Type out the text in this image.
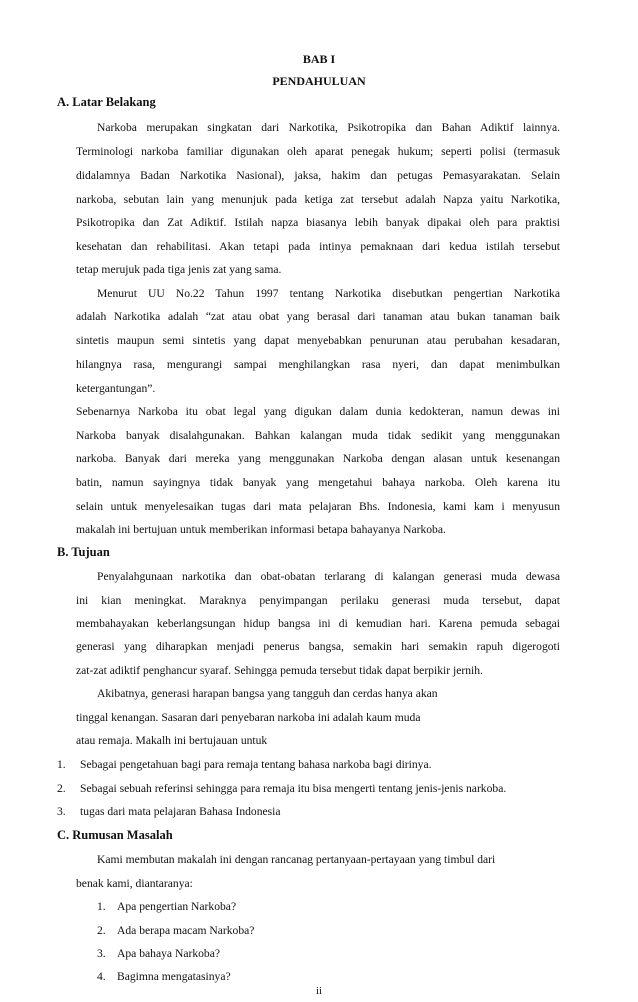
BAB I
PENDAHULUAN
A. Latar Belakang
Narkoba merupakan singkatan dari Narkotika, Psikotropika dan Bahan Adiktif lainnya.
Terminologi narkoba familiar digunakan oleh aparat penegak hukum; seperti polisi (termasuk
didalamnya Badan Narkotika Nasional), jaksa, hakim dan petugas Pemasyarakatan. Selain
narkoba, sebutan lain yang menunjuk pada ketiga zat tersebut adalah Napza yaitu Narkotika,
Psikotropika dan Zat Adiktif. Istilah napza biasanya lebih banyak dipakai oleh para praktisi
kesehatan dan rehabilitasi. Akan tetapi pada intinya pemaknaan dari kedua istilah tersebut
tetap merujuk pada tiga jenis zat yang sama.
Menurut UU No.22 Tahun 1997 tentang Narkotika disebutkan pengertian Narkotika
adalah Narkotika adalah “zat atau obat yang berasal dari tanaman atau bukan tanaman baik
sintetis maupun semi sintetis yang dapat menyebabkan penurunan atau perubahan kesadaran,
hilangnya rasa, mengurangi sampai menghilangkan rasa nyeri, dan dapat menimbulkan
ketergantungan”.
Sebenarnya Narkoba itu obat legal yang digukan dalam dunia kedokteran, namun dewas ini
Narkoba banyak disalahgunakan. Bahkan kalangan muda tidak sedikit yang menggunakan
narkoba. Banyak dari mereka yang menggunakan Narkoba dengan alasan untuk kesenangan
batin, namun sayingnya tidak banyak yang mengetahui bahaya narkoba. Oleh karena itu
selain untuk menyelesaikan tugas dari mata pelajaran Bhs. Indonesia, kami kam i menyusun
makalah ini bertujuan untuk memberikan informasi betapa bahayanya Narkoba.
B. Tujuan
Penyalahgunaan narkotika dan obat-obatan terlarang di kalangan generasi muda dewasa
ini kian meningkat. Maraknya penyimpangan perilaku generasi muda tersebut, dapat
membahayakan keberlangsungan hidup bangsa ini di kemudian hari. Karena pemuda sebagai
generasi yang diharapkan menjadi penerus bangsa, semakin hari semakin rapuh digerogoti
zat-zat adiktif penghancur syaraf. Sehingga pemuda tersebut tidak dapat berpikir jernih.
Akibatnya, generasi harapan bangsa yang tangguh dan cerdas hanya akan
tinggal kenangan. Sasaran dari penyebaran narkoba ini adalah kaum muda
atau remaja. Makalh ini bertujauan untuk
1. Sebagai pengetahuan bagi para remaja tentang bahasa narkoba bagi dirinya.
2. Sebagai sebuah referinsi sehingga para remaja itu bisa mengerti tentang jenis-jenis narkoba.
3. tugas dari mata pelajaran Bahasa Indonesia
C. Rumusan Masalah
Kami membutan makalah ini dengan rancanag pertanyaan-pertayaan yang timbul dari
benak kami, diantaranya:
1. Apa pengertian Narkoba?
2. Ada berapa macam Narkoba?
3. Apa bahaya Narkoba?
4. Bagimna mengatasinya?
ii
